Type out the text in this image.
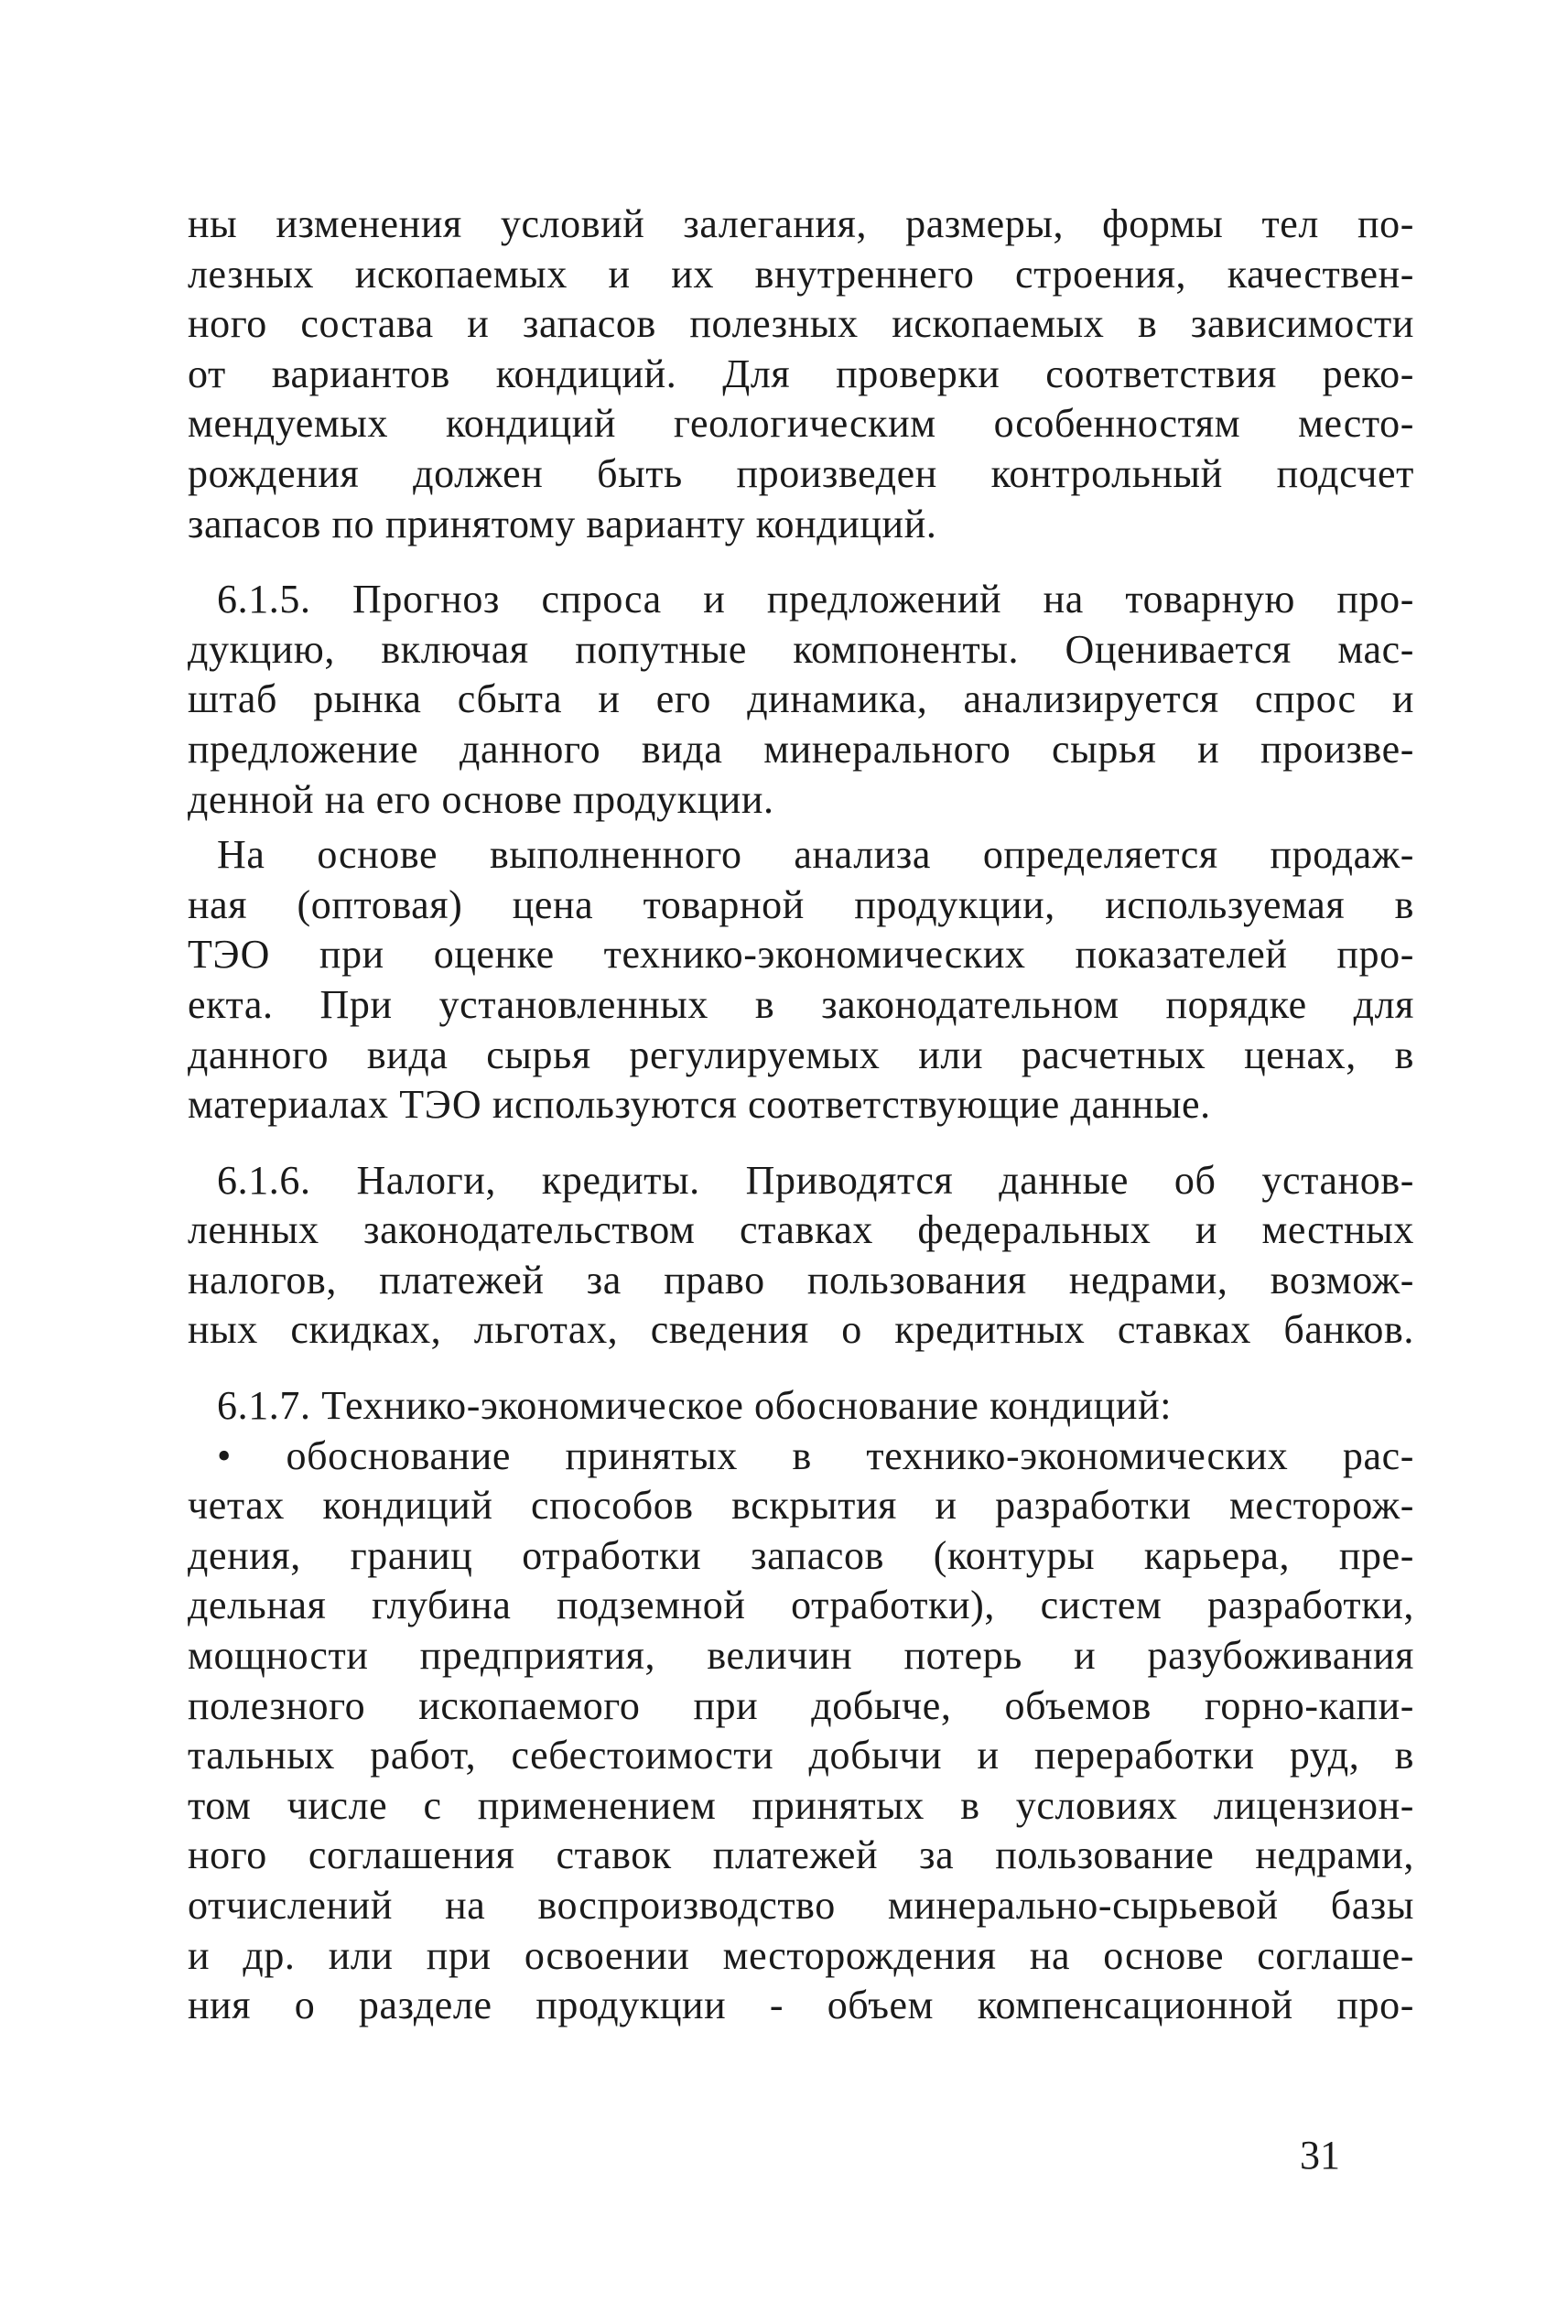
ны изменения условий залегания, размеры, формы тел по-
лезных ископаемых и их внутреннего строения, качествен-
ного состава и запасов полезных ископаемых в зависимости
от вариантов кондиций. Для проверки соответствия реко-
мендуемых кондиций геологическим особенностям место-
рождения должен быть произведен контрольный подсчет
запасов по принятому варианту кондиций.
6.1.5. Прогноз спроса и предложений на товарную про-
дукцию, включая попутные компоненты. Оценивается мас-
штаб рынка сбыта и его динамика, анализируется спрос и
предложение данного вида минерального сырья и произве-
денной на его основе продукции.
На основе выполненного анализа определяется продаж-
ная (оптовая) цена товарной продукции, используемая в
ТЭО при оценке технико-экономических показателей про-
екта. При установленных в законодательном порядке для
данного вида сырья регулируемых или расчетных ценах, в
материалах ТЭО используются соответствующие данные.
6.1.6. Налоги, кредиты. Приводятся данные об установ-
ленных законодательством ставках федеральных и местных
налогов, платежей за право пользования недрами, возмож-
ных скидках, льготах, сведения о кредитных ставках банков.
6.1.7. Технико-экономическое обоснование кондиций:
• обоснование принятых в технико-экономических рас-
четах кондиций способов вскрытия и разработки месторож-
дения, границ отработки запасов (контуры карьера, пре-
дельная глубина подземной отработки), систем разработки,
мощности предприятия, величин потерь и разубоживания
полезного ископаемого при добыче, объемов горно-капи-
тальных работ, себестоимости добычи и переработки руд, в
том числе с применением принятых в условиях лицензион-
ного соглашения ставок платежей за пользование недрами,
отчислений на воспроизводство минерально-сырьевой базы
и др. или при освоении месторождения на основе соглаше-
ния о разделе продукции - объем компенсационной про-
31
